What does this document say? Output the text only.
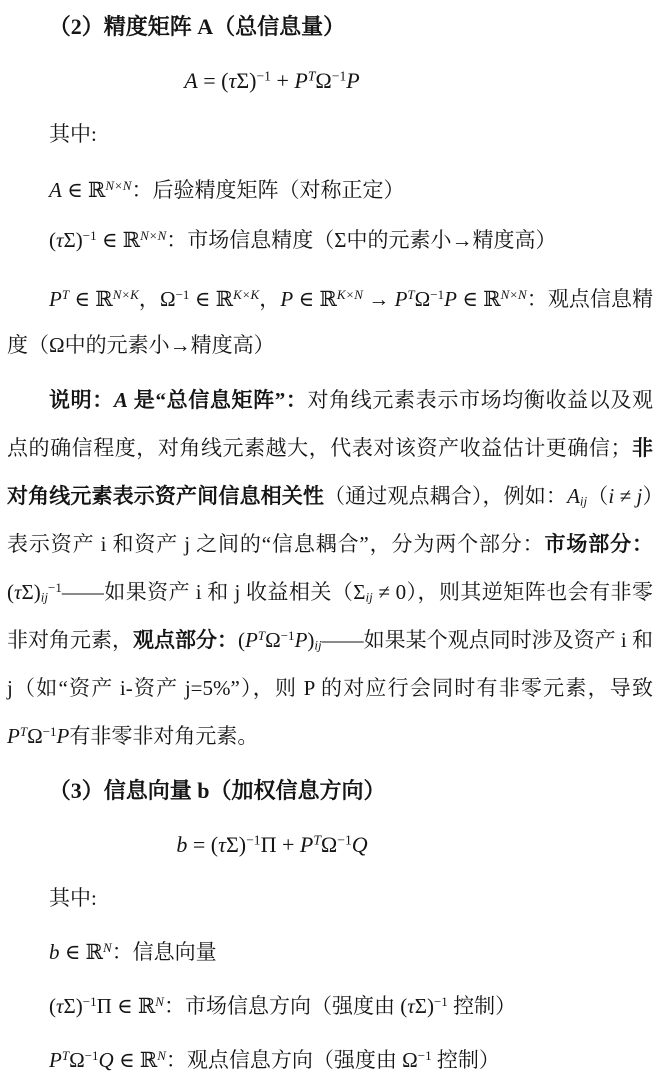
（2）精度矩阵 A（总信息量）
$A = (\tau\Sigma)^{-1} + P^T\Omega^{-1}P$
其中:
A ∈ ℝ$^{N\times N}$：后验精度矩阵（对称正定）
$(\tau\Sigma)^{-1}$ ∈ ℝ$^{N\times N}$：市场信息精度（Σ中的元素小→精度高）
$P^T$ ∈ ℝ$^{N\times K}$，$\Omega^{-1}$ ∈ ℝ$^{K\times K}$，P ∈ ℝ$^{K\times N}$ → $P^T\Omega^{-1}P$ ∈ ℝ$^{N\times N}$：观点信息精度（Ω中的元素小→精度高）
说明：A 是“总信息矩阵”：对角线元素表示市场均衡收益以及观点的确信程度，对角线元素越大，代表对该资产收益估计更确信；非对角线元素表示资产间信息相关性（通过观点耦合），例如：$A_{ij}(i \ne j)$表示资产 i 和资产 j 之间的“信息耦合”，分为两个部分：市场部分：$(\tau\Sigma)_{ij}^{-1}——$如果资产 i 和 j 收益相关$(\Sigma_{ij} \ne 0)$，则其逆矩阵也会有非零非对角元素，观点部分：$(P^T\Omega^{-1}P)_{ij}——$如果某个观点同时涉及资产 i 和 j（如“资产 i-资产 j=5%”），则 P 的对应行会同时有非零元素，导致$P^T\Omega^{-1}P$有非零非对角元素。
（3）信息向量 b（加权信息方向）
$b = (\tau\Sigma)^{-1}\Pi + P^T\Omega^{-1}Q$
其中:
b ∈ ℝ$^N$：信息向量
$(\tau\Sigma)^{-1}\Pi$ ∈ ℝ$^N$：市场信息方向（强度由 $(\tau\Sigma)^{-1}$ 控制）
$P^T\Omega^{-1}Q$ ∈ ℝ$^N$：观点信息方向（强度由 $\Omega^{-1}$ 控制）
